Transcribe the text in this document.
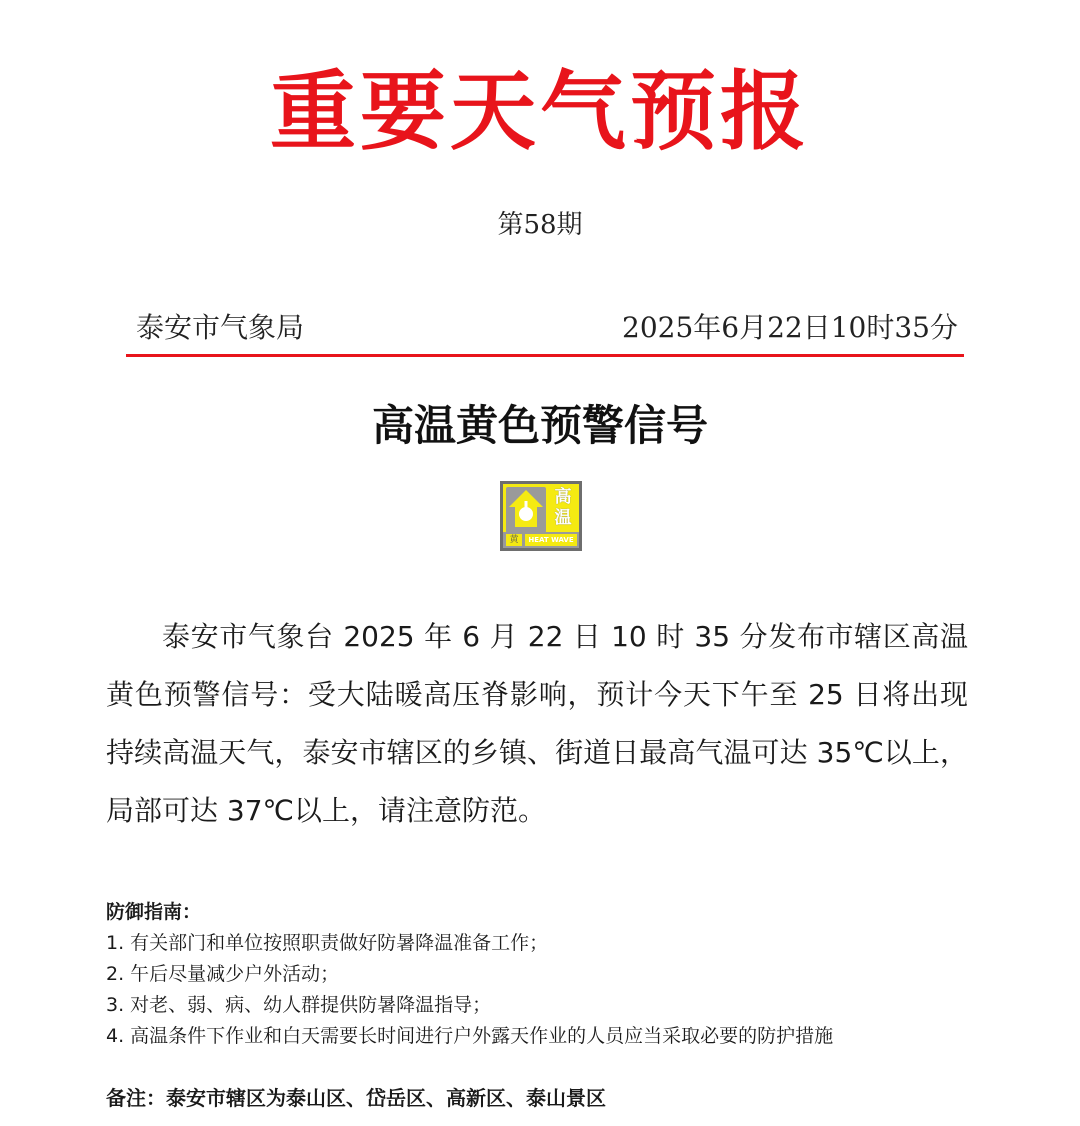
重要天气预报
第58期
泰安市气象局	2025年6月22日10时35分
高温黄色预警信号
高
温
黄	HEAT WAVE
泰安市气象台 2025 年 6 月 22 日 10 时 35 分发布市辖区高温黄色预警信号：受大陆暖高压脊影响，预计今天下午至 25 日将出现持续高温天气，泰安市辖区的乡镇、街道日最高气温可达 35℃以上，局部可达 37℃以上，请注意防范。
防御指南：
1. 有关部门和单位按照职责做好防暑降温准备工作；
2. 午后尽量减少户外活动；
3. 对老、弱、病、幼人群提供防暑降温指导；
4. 高温条件下作业和白天需要长时间进行户外露天作业的人员应当采取必要的防护措施
备注：泰安市辖区为泰山区、岱岳区、高新区、泰山景区
